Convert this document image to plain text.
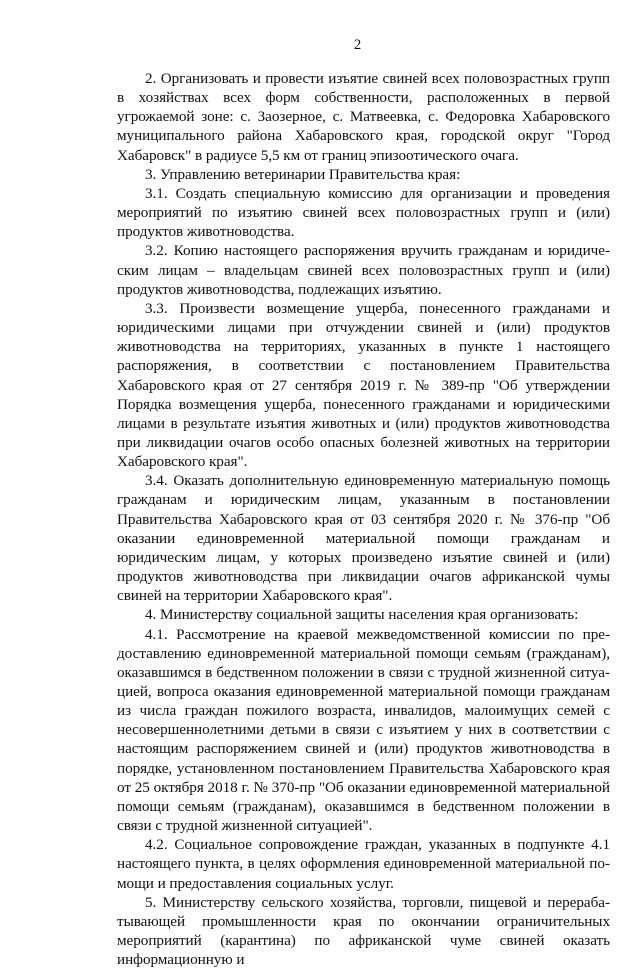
2

2. Организовать и провести изъятие свиней всех половозрастных групп в хозяйствах всех форм собственности, расположенных в первой угрожаемой зоне: с. Заозерное, с. Матвеевка, с. Федоровка Хабаровского муниципального района Хабаровского края, городской округ "Город Хабаровск" в радиусе 5,5 км от границ эпизоотического очага.

3. Управлению ветеринарии Правительства края:

3.1. Создать специальную комиссию для организации и проведения мероприятий по изъятию свиней всех половозрастных групп и (или) продуктов животноводства.

3.2. Копию настоящего распоряжения вручить гражданам и юридическим лицам – владельцам свиней всех половозрастных групп и (или) продуктов животноводства, подлежащих изъятию.

3.3. Произвести возмещение ущерба, понесенного гражданами и юридическими лицами при отчуждении свиней и (или) продуктов животноводства на территориях, указанных в пункте 1 настоящего распоряжения, в соответствии с постановлением Правительства Хабаровского края от 27 сентября 2019 г. № 389-пр "Об утверждении Порядка возмещения ущерба, понесенного гражданами и юридическими лицами в результате изъятия животных и (или) продуктов животноводства при ликвидации очагов особо опасных болезней животных на территории Хабаровского края".

3.4. Оказать дополнительную единовременную материальную помощь гражданам и юридическим лицам, указанным в постановлении Правительства Хабаровского края от 03 сентября 2020 г. № 376-пр "Об оказании единовременной материальной помощи гражданам и юридическим лицам, у которых произведено изъятие свиней и (или) продуктов животноводства при ликвидации очагов африканской чумы свиней на территории Хабаровского края".

4. Министерству социальной защиты населения края организовать:

4.1. Рассмотрение на краевой межведомственной комиссии по предоставлению единовременной материальной помощи семьям (гражданам), оказавшимся в бедственном положении в связи с трудной жизненной ситуацией, вопроса оказания единовременной материальной помощи гражданам из числа граждан пожилого возраста, инвалидов, малоимущих семей с несовершеннолетними детьми в связи с изъятием у них в соответствии с настоящим распоряжением свиней и (или) продуктов животноводства в порядке, установленном постановлением Правительства Хабаровского края от 25 октября 2018 г. № 370-пр "Об оказании единовременной материальной помощи семьям (гражданам), оказавшимся в бедственном положении в связи с трудной жизненной ситуацией".

4.2. Социальное сопровождение граждан, указанных в подпункте 4.1 настоящего пункта, в целях оформления единовременной материальной помощи и предоставления социальных услуг.

5. Министерству сельского хозяйства, торговли, пищевой и перерабатывающей промышленности края по окончании ограничительных мероприятий (карантина) по африканской чуме свиней оказать информационную и
